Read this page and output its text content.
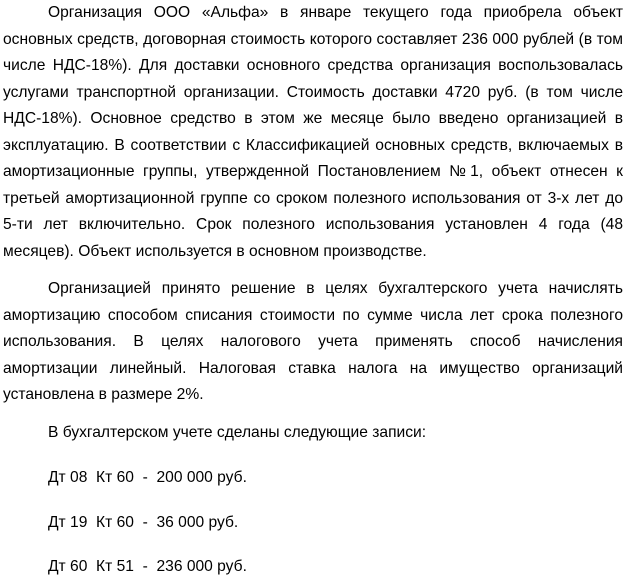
Организация ООО «Альфа» в январе текущего года приобрела объект основных средств, договорная стоимость которого составляет 236 000 рублей (в том числе НДС-18%). Для доставки основного средства организация воспользовалась услугами транспортной организации. Стоимость доставки 4720 руб. (в том числе НДС-18%). Основное средство в этом же месяце было введено организацией в эксплуатацию. В соответствии с Классификацией основных средств, включаемых в амортизационные группы, утвержденной Постановлением №1, объект отнесен к третьей амортизационной группе со сроком полезного использования от 3-х лет до 5-ти лет включительно. Срок полезного использования установлен 4 года (48 месяцев). Объект используется в основном производстве.

Организацией принято решение в целях бухгалтерского учета начислять амортизацию способом списания стоимости по сумме числа лет срока полезного использования. В целях налогового учета применять способ начисления амортизации линейный. Налоговая ставка налога на имущество организаций установлена в размере 2%.

В бухгалтерском учете сделаны следующие записи:

Дт 08  Кт 60  -  200 000 руб.

Дт 19  Кт 60  -  36 000 руб.

Дт 60  Кт 51  -  236 000 руб.
